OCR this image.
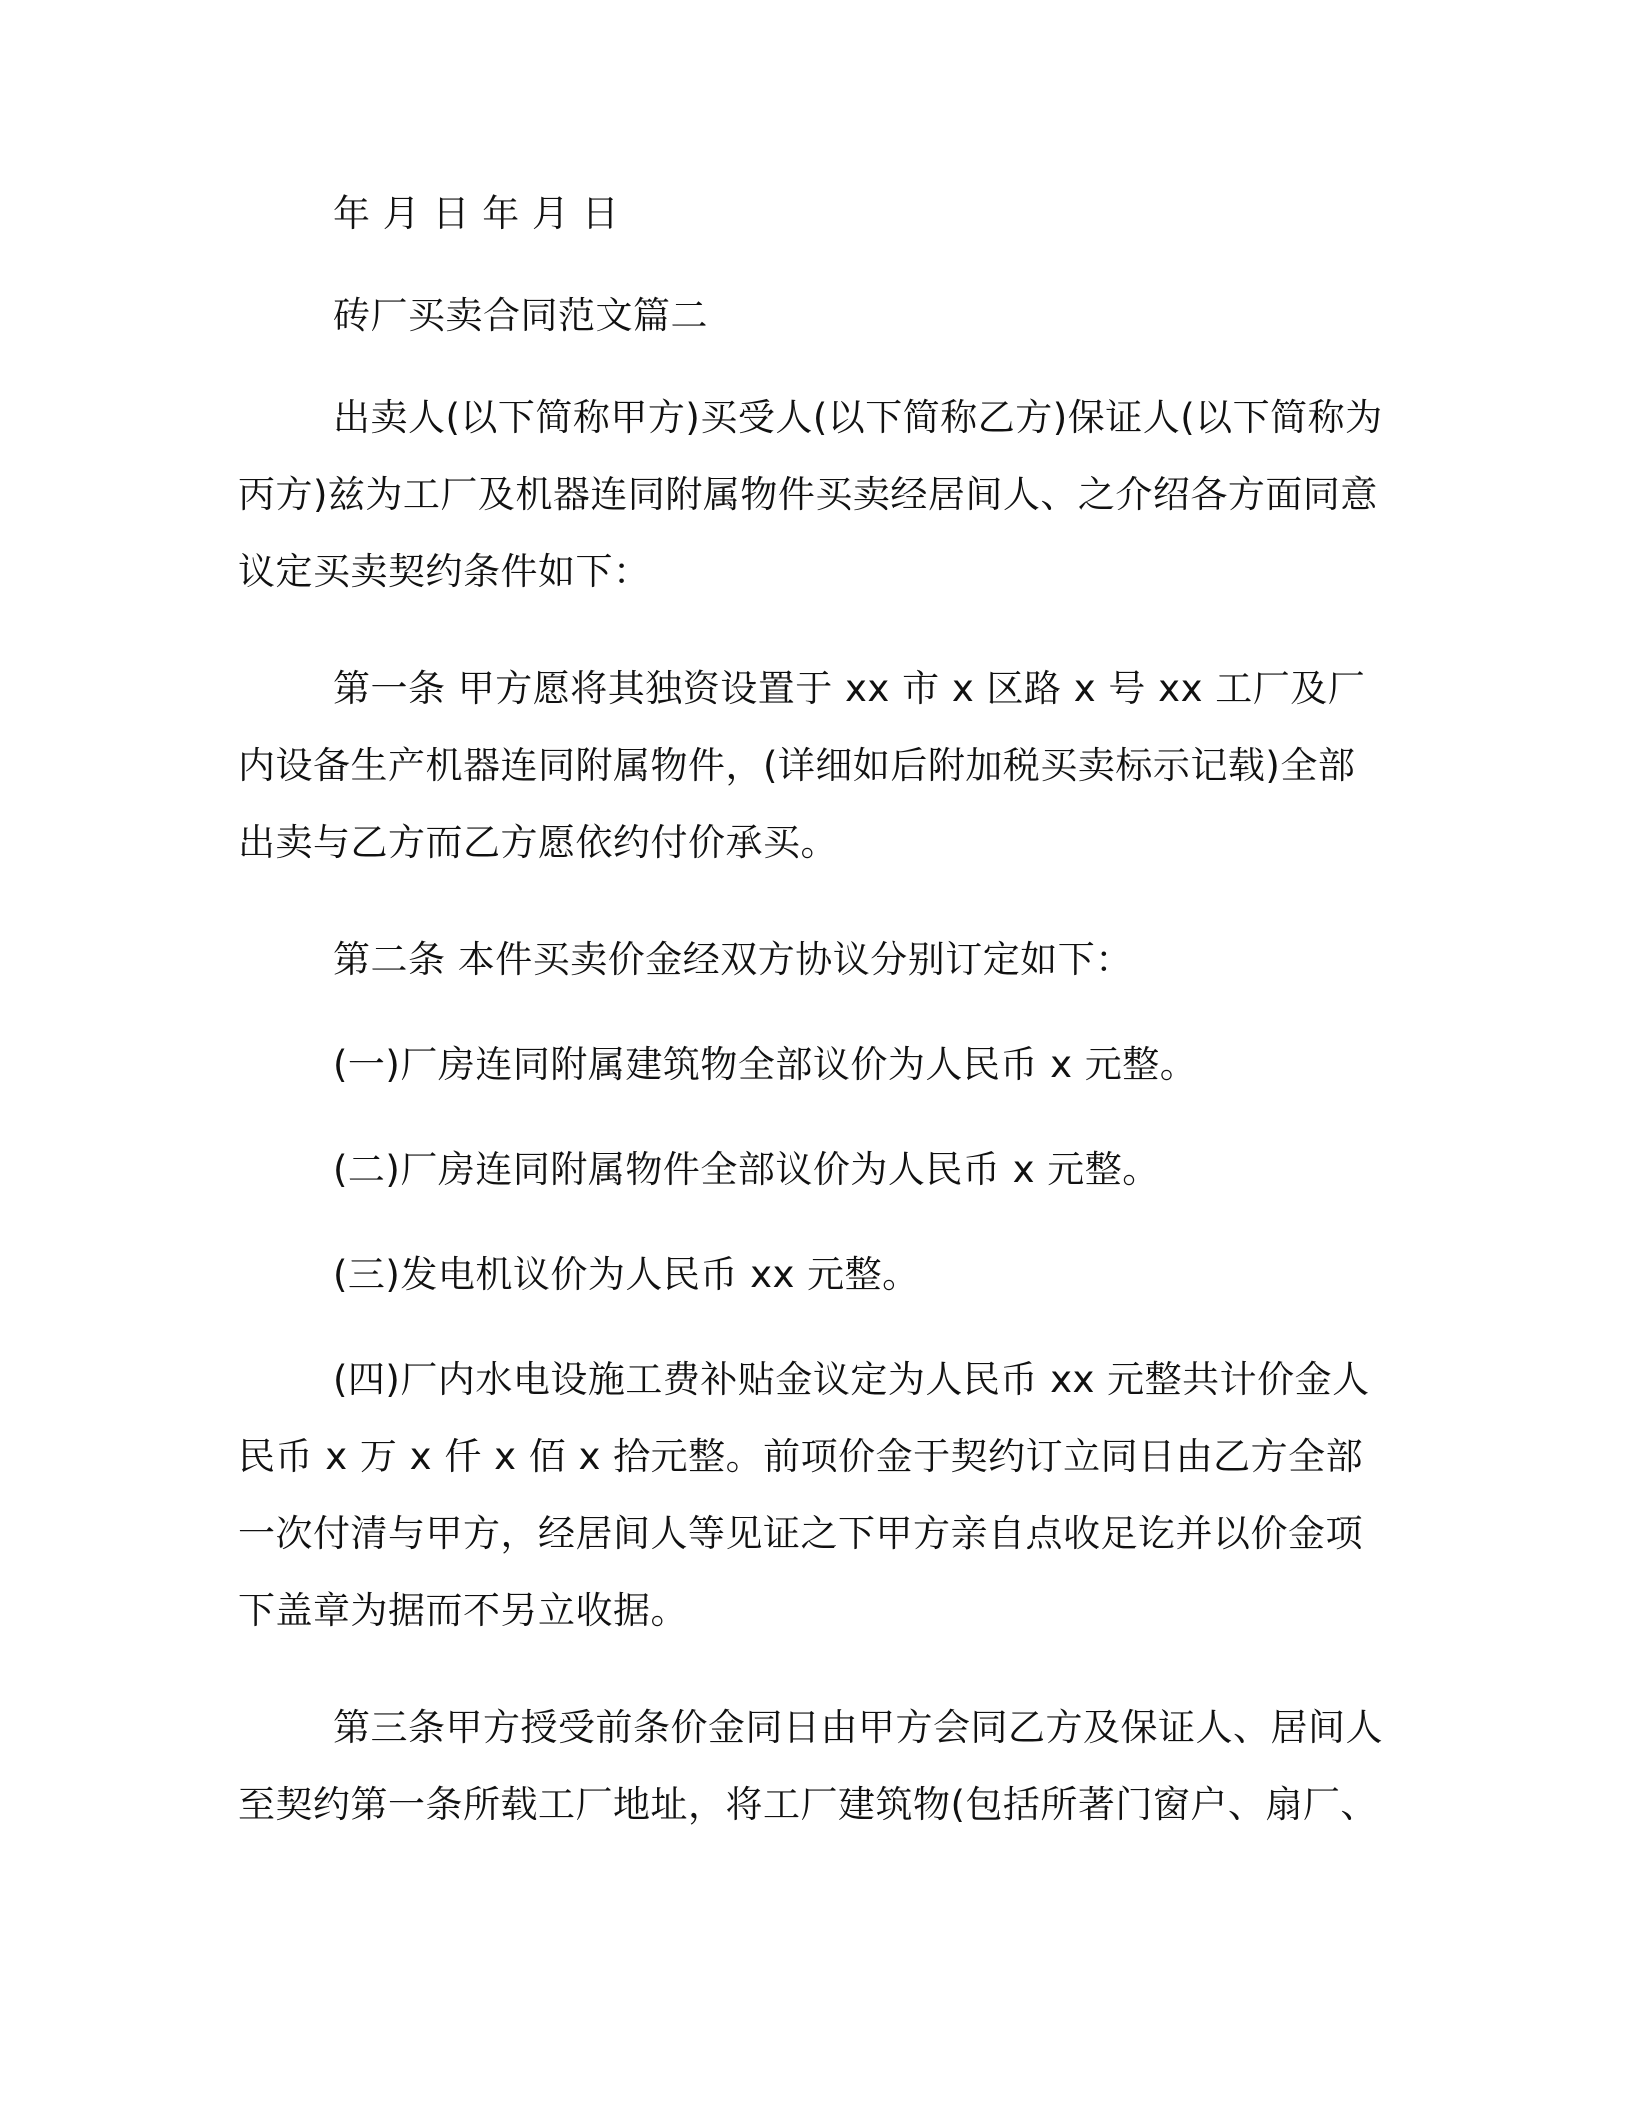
年 月 日 年 月 日

砖厂买卖合同范文篇二

出卖人(以下简称甲方)买受人(以下简称乙方)保证人(以下简称为丙方)兹为工厂及机器连同附属物件买卖经居间人、之介绍各方面同意议定买卖契约条件如下：

第一条 甲方愿将其独资设置于 xx 市 x 区路 x 号 xx 工厂及厂内设备生产机器连同附属物件，(详细如后附加税买卖标示记载)全部出卖与乙方而乙方愿依约付价承买。

第二条 本件买卖价金经双方协议分别订定如下：

(一)厂房连同附属建筑物全部议价为人民币 x 元整。

(二)厂房连同附属物件全部议价为人民币 x 元整。

(三)发电机议价为人民币 xx 元整。

(四)厂内水电设施工费补贴金议定为人民币 xx 元整共计价金人民币 x 万 x 仟 x 佰 x 拾元整。前项价金于契约订立同日由乙方全部一次付清与甲方，经居间人等见证之下甲方亲自点收足讫并以价金项下盖章为据而不另立收据。

第三条甲方授受前条价金同日由甲方会同乙方及保证人、居间人至契约第一条所载工厂地址，将工厂建筑物(包括所著门窗户、扇厂、
